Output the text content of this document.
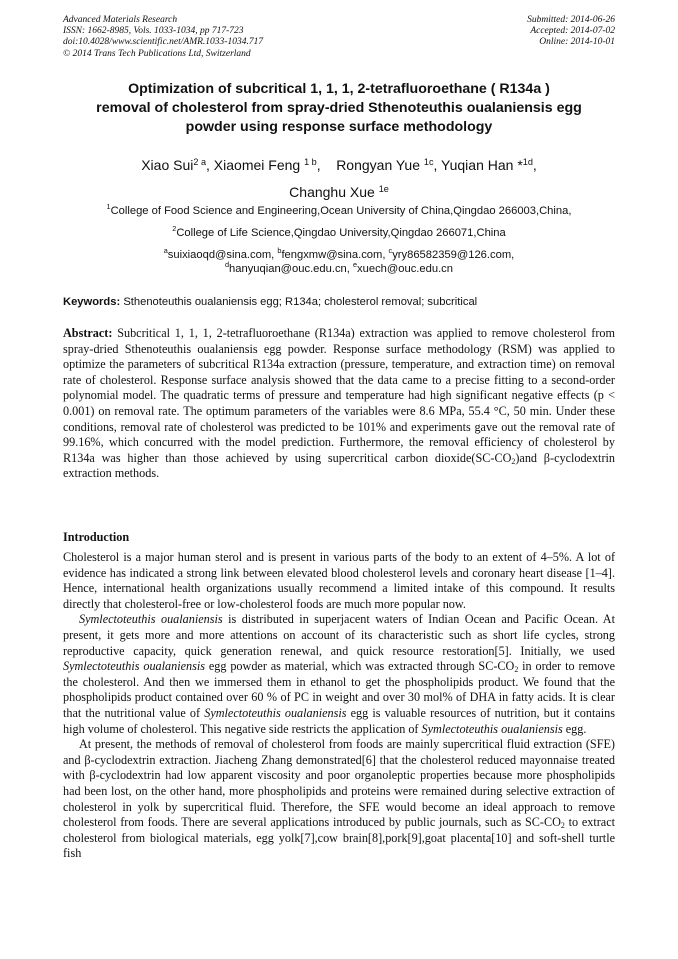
Advanced Materials Research
ISSN: 1662-8985, Vols. 1033-1034, pp 717-723
doi:10.4028/www.scientific.net/AMR.1033-1034.717
© 2014 Trans Tech Publications Ltd, Switzerland
Submitted: 2014-06-26
Accepted: 2014-07-02
Online: 2014-10-01
Optimization of subcritical 1, 1, 1, 2-tetrafluoroethane ( R134a )
removal of cholesterol from spray-dried Sthenoteuthis oualaniensis egg
powder using response surface methodology
Xiao Sui$^{2 a}$, Xiaomei Feng $^{1 b}$,    Rongyan Yue $^{1c}$, Yuqian Han *$^{1d}$,
Changhu Xue $^{1e}$
$^1$College of Food Science and Engineering,Ocean University of China,Qingdao 266003,China,
$^2$College of Life Science,Qingdao University,Qingdao 266071,China
$^a$suixiaoqd@sina.com, $^b$fengxmw@sina.com, $^c$yry86582359@126.com,
$^d$hanyuqian@ouc.edu.cn, $^e$xuech@ouc.edu.cn
Keywords: Sthenoteuthis oualaniensis egg; R134a; cholesterol removal; subcritical

Abstract: Subcritical 1, 1, 1, 2-tetrafluoroethane (R134a) extraction was applied to remove cholesterol from spray-dried Sthenoteuthis oualaniensis egg powder. Response surface methodology (RSM) was applied to optimize the parameters of subcritical R134a extraction (pressure, temperature, and extraction time) on removal rate of cholesterol. Response surface analysis showed that the data came to a precise fitting to a second-order polynomial model. The quadratic terms of pressure and temperature had high significant negative effects (p < 0.001) on removal rate. The optimum parameters of the variables were 8.6 MPa, 55.4 °C, 50 min. Under these conditions, removal rate of cholesterol was predicted to be 101% and experiments gave out the removal rate of 99.16%, which concurred with the model prediction. Furthermore, the removal efficiency of cholesterol by R134a was higher than those achieved by using supercritical carbon $dioxide(SC-CO_2)and$ β-cyclodextrin extraction methods.

Introduction

Cholesterol is a major human sterol and is present in various parts of the body to an extent of 4–5%. A lot of evidence has indicated a strong link between elevated blood cholesterol levels and coronary heart disease [1–4]. Hence, international health organizations usually recommend a limited intake of this compound. It results directly that cholesterol-free or low-cholesterol foods are much more popular now.

Symlectoteuthis oualaniensis is distributed in superjacent waters of Indian Ocean and Pacific Ocean. At present, it gets more and more attentions on account of its characteristic such as short life cycles, strong reproductive capacity, quick generation renewal, and quick resource restoration[5]. Initially, we used Symlectoteuthis oualaniensis egg powder as material, which was extracted through $SC-CO_2$ in order to remove the cholesterol. And then we immersed them in ethanol to get the phospholipids product. We found that the phospholipids product contained over 60 % of PC in weight and over 30 mol% of DHA in fatty acids. It is clear that the nutritional value of Symlectoteuthis oualaniensis egg is valuable resources of nutrition, but it contains high volume of cholesterol. This negative side restricts the application of Symlectoteuthis oualaniensis egg.

At present, the methods of removal of cholesterol from foods are mainly supercritical fluid extraction (SFE) and β-cyclodextrin extraction. Jiacheng Zhang demonstrated[6] that the cholesterol reduced mayonnaise treated with β-cyclodextrin had low apparent viscosity and poor organoleptic properties because more phospholipids had been lost, on the other hand, more phospholipids and proteins were remained during selective extraction of cholesterol in yolk by supercritical fluid. Therefore, the SFE would become an ideal approach to remove cholesterol from foods. There are several applications introduced by public journals, such as $SC-CO_2$ to extract cholesterol from biological materials, egg yolk[7],cow brain[8],pork[9],goat placenta[10] and soft-shell turtle fish
